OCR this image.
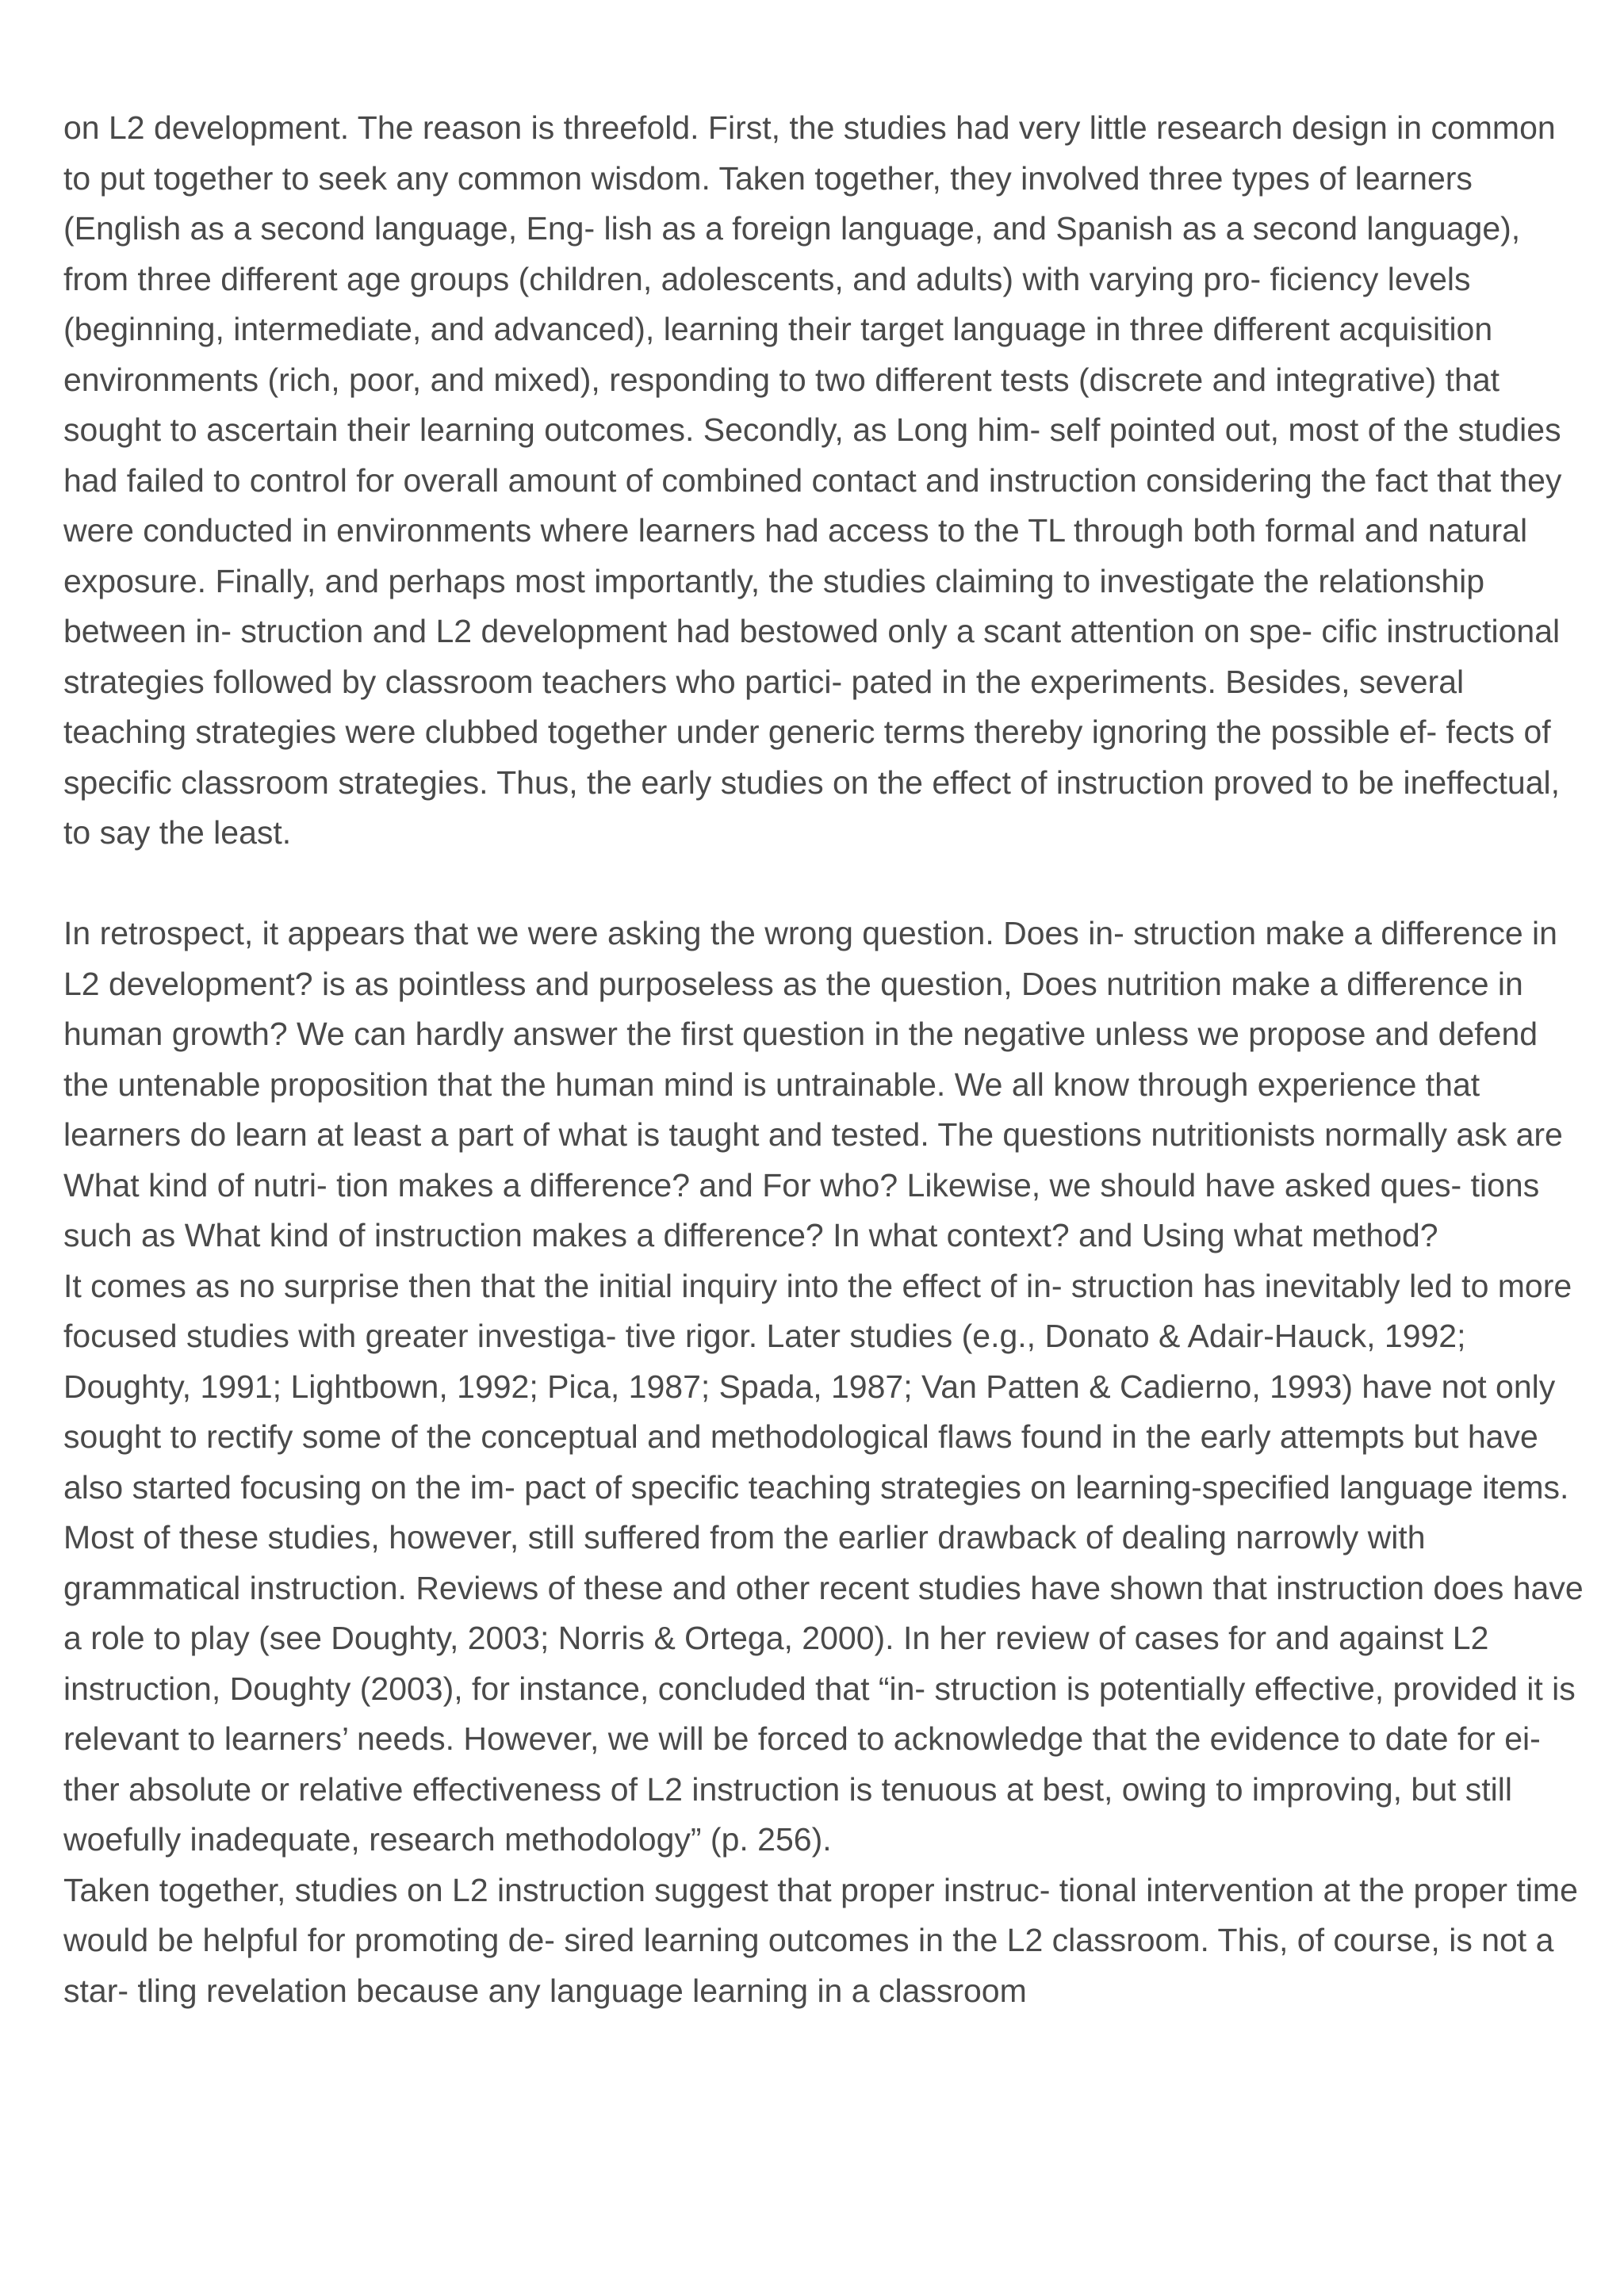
on L2 development. The reason is threefold. First, the studies had very little research design in common to put together to seek any common wisdom. Taken together, they involved three types of learners (English as a second language, Eng- lish as a foreign language, and Spanish as a second language), from three different age groups (children, adolescents, and adults) with varying pro- ficiency levels (beginning, intermediate, and advanced), learning their target language in three different acquisition environments (rich, poor, and mixed), responding to two different tests (discrete and integrative) that sought to ascertain their learning outcomes. Secondly, as Long him- self pointed out, most of the studies had failed to control for overall amount of combined contact and instruction considering the fact that they were conducted in environments where learners had access to the TL through both formal and natural exposure. Finally, and perhaps most importantly, the studies claiming to investigate the relationship between in- struction and L2 development had bestowed only a scant attention on spe- cific instructional strategies followed by classroom teachers who partici- pated in the experiments. Besides, several teaching strategies were clubbed together under generic terms thereby ignoring the possible ef- fects of specific classroom strategies. Thus, the early studies on the effect of instruction proved to be ineffectual, to say the least.

In retrospect, it appears that we were asking the wrong question. Does in- struction make a difference in L2 development? is as pointless and purposeless as the question, Does nutrition make a difference in human growth? We can hardly answer the first question in the negative unless we propose and defend the untenable proposition that the human mind is untrainable. We all know through experience that learners do learn at least a part of what is taught and tested. The questions nutritionists normally ask are What kind of nutri- tion makes a difference? and For who? Likewise, we should have asked ques- tions such as What kind of instruction makes a difference? In what context? and Using what method?

It comes as no surprise then that the initial inquiry into the effect of in- struction has inevitably led to more focused studies with greater investiga- tive rigor. Later studies (e.g., Donato & Adair-Hauck, 1992; Doughty, 1991; Lightbown, 1992; Pica, 1987; Spada, 1987; Van Patten & Cadierno, 1993) have not only sought to rectify some of the conceptual and methodological flaws found in the early attempts but have also started focusing on the im- pact of specific teaching strategies on learning-specified language items. Most of these studies, however, still suffered from the earlier drawback of dealing narrowly with grammatical instruction. Reviews of these and other recent studies have shown that instruction does have a role to play (see Doughty, 2003; Norris & Ortega, 2000). In her review of cases for and against L2 instruction, Doughty (2003), for instance, concluded that “in- struction is potentially effective, provided it is relevant to learners’ needs. However, we will be forced to acknowledge that the evidence to date for ei- ther absolute or relative effectiveness of L2 instruction is tenuous at best, owing to improving, but still woefully inadequate, research methodology” (p. 256).

Taken together, studies on L2 instruction suggest that proper instruc- tional intervention at the proper time would be helpful for promoting de- sired learning outcomes in the L2 classroom. This, of course, is not a star- tling revelation because any language learning in a classroom
